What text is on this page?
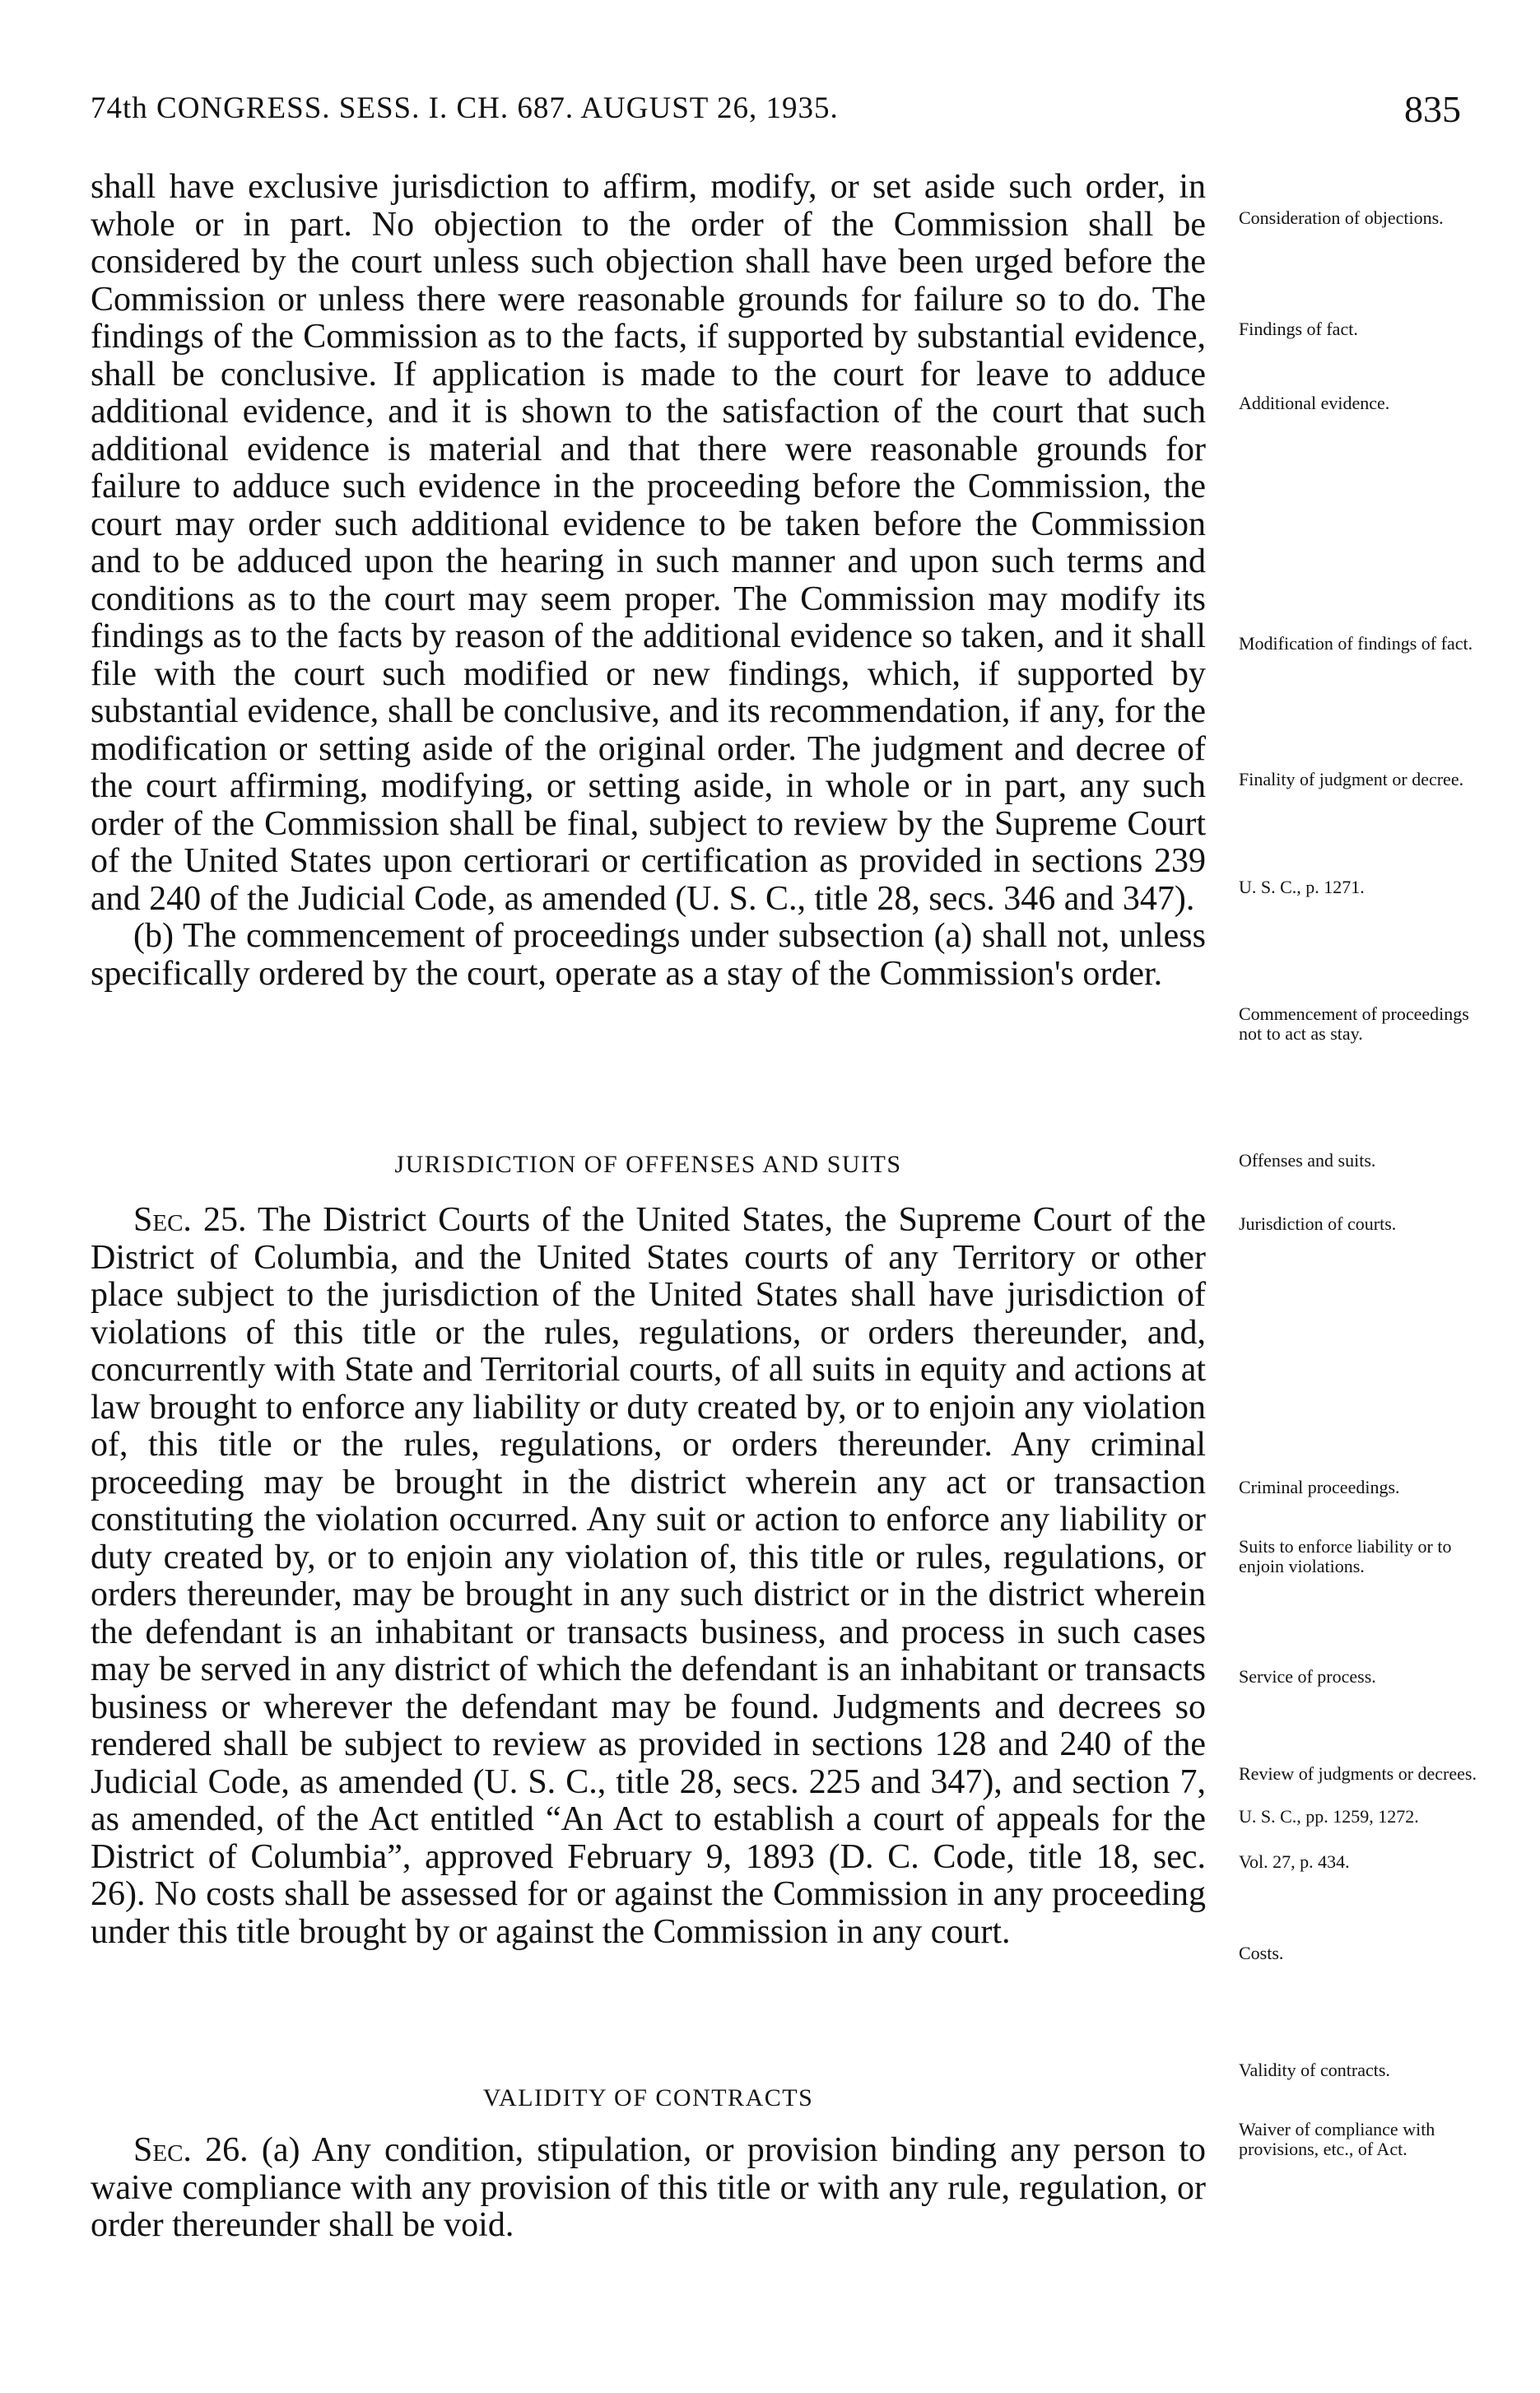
74th CONGRESS. SESS. I. CH. 687. AUGUST 26, 1935.	835

shall have exclusive jurisdiction to affirm, modify, or set aside such order, in whole or in part. No objection to the order of the Commission shall be considered by the court unless such objection shall have been urged before the Commission or unless there were reasonable grounds for failure so to do. The findings of the Commission as to the facts, if supported by substantial evidence, shall be conclusive. If application is made to the court for leave to adduce additional evidence, and it is shown to the satisfaction of the court that such additional evidence is material and that there were reasonable grounds for failure to adduce such evidence in the proceeding before the Commission, the court may order such additional evidence to be taken before the Commission and to be adduced upon the hearing in such manner and upon such terms and conditions as to the court may seem proper. The Commission may modify its findings as to the facts by reason of the additional evidence so taken, and it shall file with the court such modified or new findings, which, if supported by substantial evidence, shall be conclusive, and its recommendation, if any, for the modification or setting aside of the original order. The judgment and decree of the court affirming, modifying, or setting aside, in whole or in part, any such order of the Commission shall be final, subject to review by the Supreme Court of the United States upon certiorari or certification as provided in sections 239 and 240 of the Judicial Code, as amended (U. S. C., title 28, secs. 346 and 347).

(b) The commencement of proceedings under subsection (a) shall not, unless specifically ordered by the court, operate as a stay of the Commission's order.

JURISDICTION OF OFFENSES AND SUITS

Sec. 25. The District Courts of the United States, the Supreme Court of the District of Columbia, and the United States courts of any Territory or other place subject to the jurisdiction of the United States shall have jurisdiction of violations of this title or the rules, regulations, or orders thereunder, and, concurrently with State and Territorial courts, of all suits in equity and actions at law brought to enforce any liability or duty created by, or to enjoin any violation of, this title or the rules, regulations, or orders thereunder. Any criminal proceeding may be brought in the district wherein any act or transaction constituting the violation occurred. Any suit or action to enforce any liability or duty created by, or to enjoin any violation of, this title or rules, regulations, or orders thereunder, may be brought in any such district or in the district wherein the defendant is an inhabitant or transacts business, and process in such cases may be served in any district of which the defendant is an inhabitant or transacts business or wherever the defendant may be found. Judgments and decrees so rendered shall be subject to review as provided in sections 128 and 240 of the Judicial Code, as amended (U. S. C., title 28, secs. 225 and 347), and section 7, as amended, of the Act entitled “An Act to establish a court of appeals for the District of Columbia”, approved February 9, 1893 (D. C. Code, title 18, sec. 26). No costs shall be assessed for or against the Commission in any proceeding under this title brought by or against the Commission in any court.

VALIDITY OF CONTRACTS

Sec. 26. (a) Any condition, stipulation, or provision binding any person to waive compliance with any provision of this title or with any rule, regulation, or order thereunder shall be void.

Consideration of objections.
Findings of fact.
Additional evidence.
Modification of findings of fact.
Finality of judgment or decree.
U. S. C., p. 1271.
Commencement of proceedings not to act as stay.
Offenses and suits.
Jurisdiction of courts.
Criminal proceedings.
Suits to enforce liability or to enjoin violations.
Service of process.
Review of judgments or decrees.
U. S. C., pp. 1259, 1272.
Vol. 27, p. 434.
Costs.
Validity of contracts.
Waiver of compliance with provisions, etc., of Act.
